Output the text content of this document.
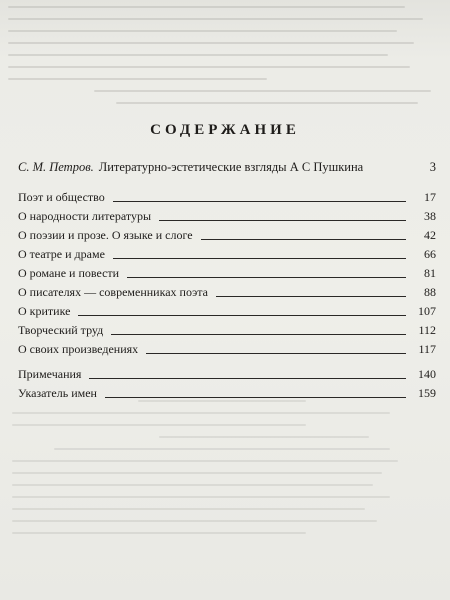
СОДЕРЖАНИЕ
С. М. Петров. Литературно-эстетические взгляды А С Пушкина	3
Поэт и общество	17
О народности литературы	38
О поэзии и прозе. О языке и слоге	42
О театре и драме	66
О романе и повести	81
О писателях — современниках поэта	88
О критике	107
Творческий труд	112
О своих произведениях	117
Примечания	140
Указатель имен	159
